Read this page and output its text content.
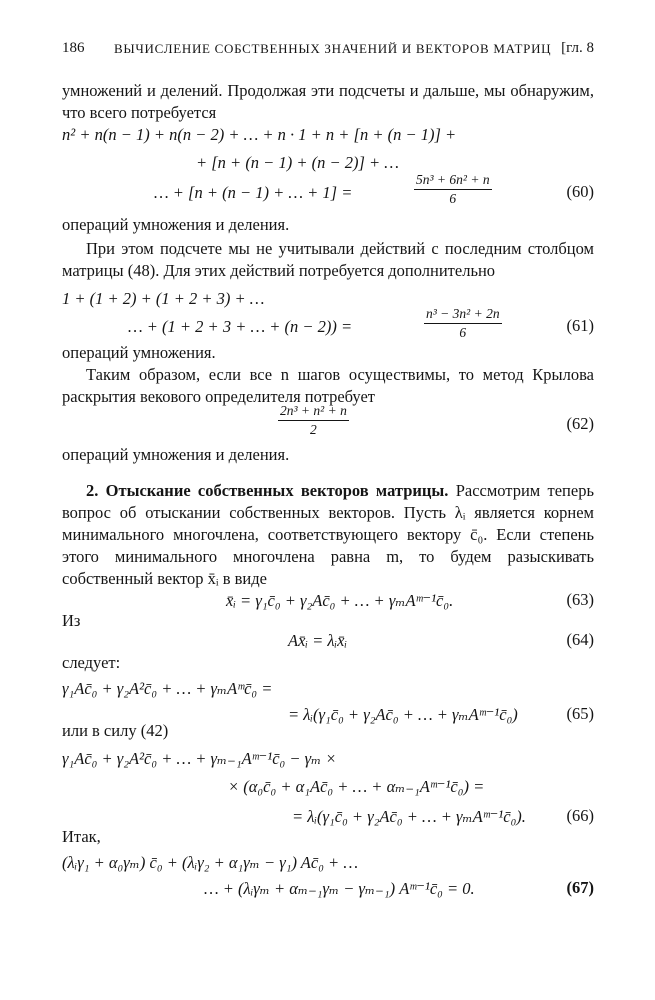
186 ВЫЧИСЛЕНИЕ СОБСТВЕННЫХ ЗНАЧЕНИЙ И ВЕКТОРОВ МАТРИЦ [гл. 8
умножений и делений. Продолжая эти подсчеты и дальше, мы обнаружим, что всего потребуется
n² + n(n − 1) + n(n − 2) + … + n · 1 + n + [n + (n − 1)] +
+ [n + (n − 1) + (n − 2)] + …
… + [n + (n − 1) + … + 1] =	$\frac{\text{5n³ + 6n² + n}}{6}$	(60)
операций умножения и деления.
При этом подсчете мы не учитывали действий с последним столбцом матрицы (48). Для этих действий потребуется дополнительно
1 + (1 + 2) + (1 + 2 + 3) + …
… + (1 + 2 + 3 + … + (n − 2)) =	$\frac{\text{n³ − 3n² + 2n}}{6}$	(61)
операций умножения.
Таким образом, если все n шагов осуществимы, то метод Крылова раскрытия векового определителя потребует
$\frac{\text{2n³ + n² + n}}{2}$	(62)
операций умножения и деления.
2. Отыскание собственных векторов матрицы. Рассмотрим теперь вопрос об отыскании собственных векторов. Пусть λᵢ является корнем минимального многочлена, соответствующего вектору c̄₀. Если степень этого минимального многочлена равна m, то будем разыскивать собственный вектор x̄ᵢ в виде
x̄ᵢ = γ₁c̄₀ + γ₂Ac̄₀ + … + γₘAᵐ⁻¹c̄₀.	(63)
Из
Ax̄ᵢ = λᵢx̄ᵢ	(64)
следует:
γ₁Ac̄₀ + γ₂A²c̄₀ + … + γₘAᵐc̄₀ =
= λᵢ(γ₁c̄₀ + γ₂Ac̄₀ + … + γₘAᵐ⁻¹c̄₀)	(65)
или в силу (42)
γ₁Ac̄₀ + γ₂A²c̄₀ + … + γₘ₋₁Aᵐ⁻¹c̄₀ − γₘ ×
× (α₀c̄₀ + α₁Ac̄₀ + … + αₘ₋₁Aᵐ⁻¹c̄₀) =
= λᵢ(γ₁c̄₀ + γ₂Ac̄₀ + … + γₘAᵐ⁻¹c̄₀). (66)
Итак,
(λᵢγ₁ + α₀γₘ) c̄₀ + (λᵢγ₂ + α₁γₘ − γ₁) Ac̄₀ + …
… + (λᵢγₘ + αₘ₋₁γₘ − γₘ₋₁) Aᵐ⁻¹c̄₀ = 0.	(67)
